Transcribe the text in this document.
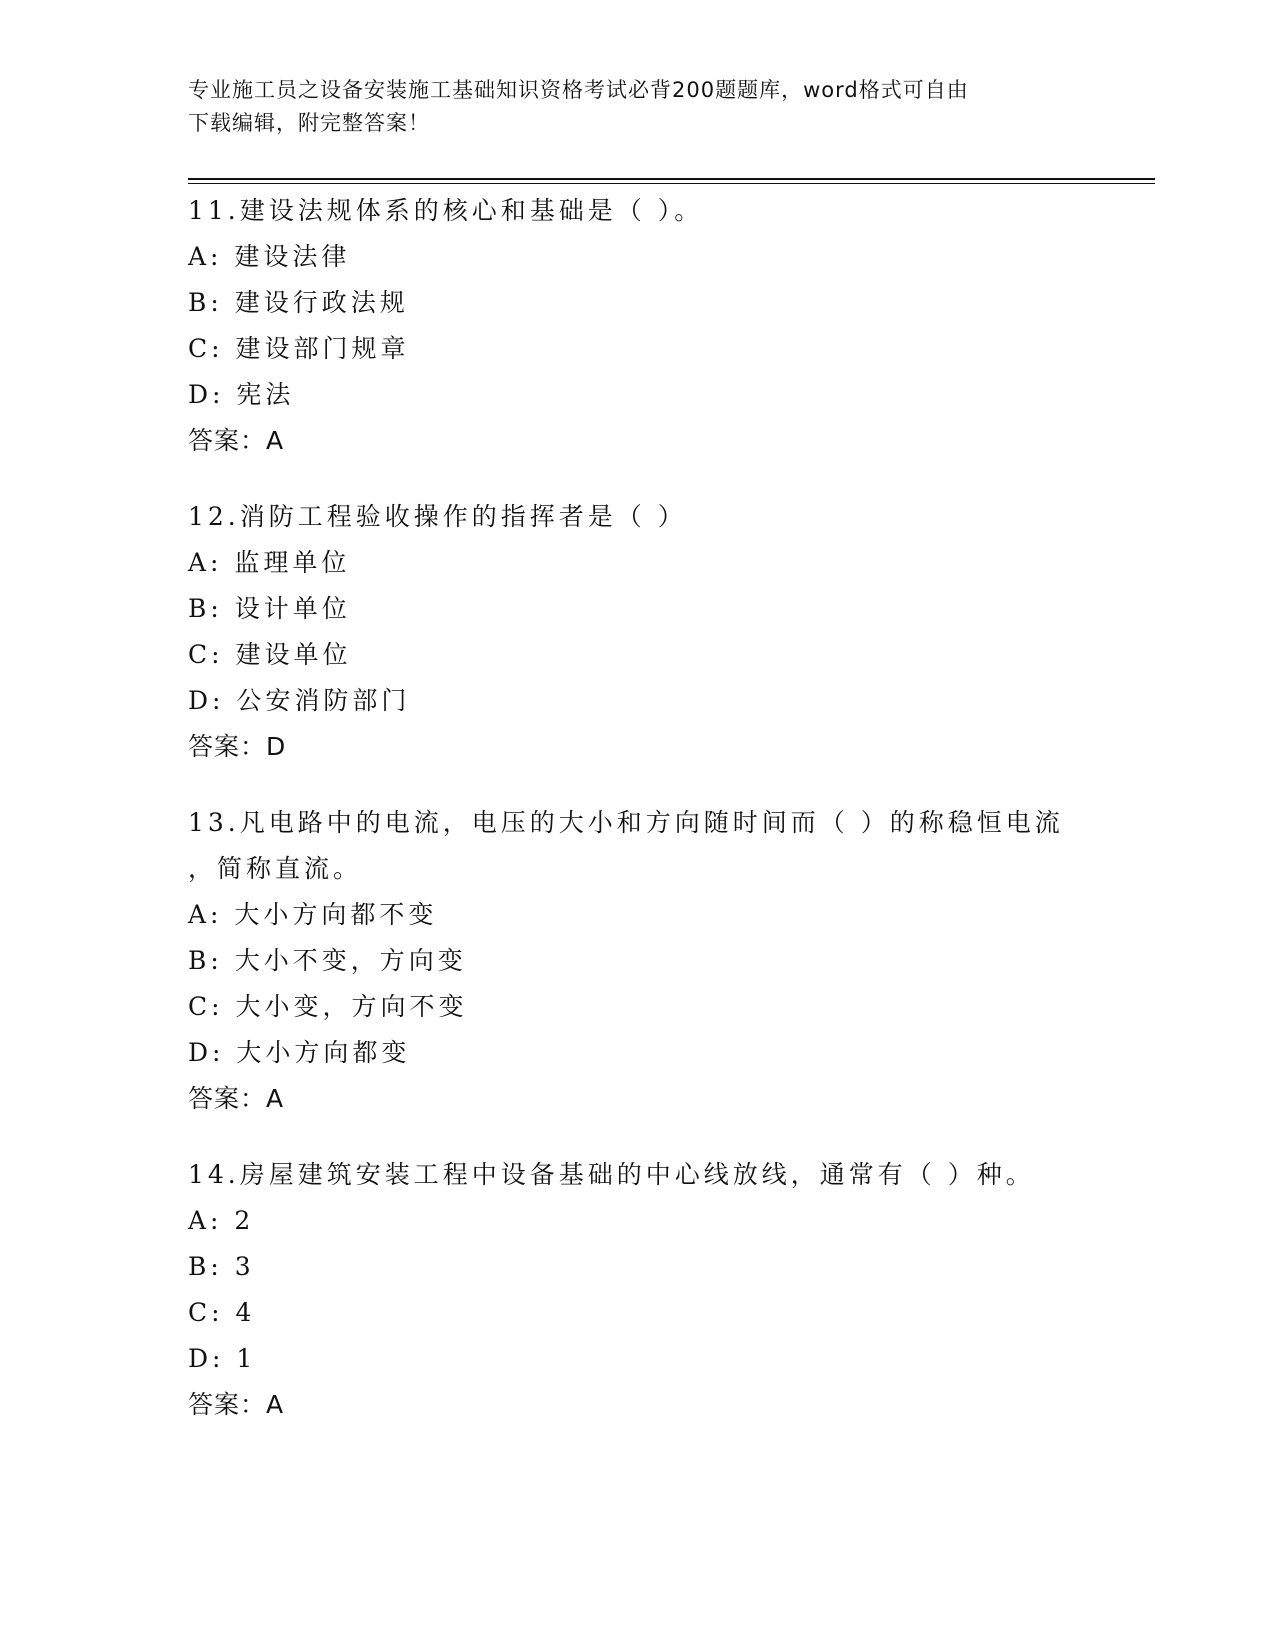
专业施工员之设备安装施工基础知识资格考试必背200题题库，word格式可自由
下载编辑，附完整答案！
11.建设法规体系的核心和基础是（ ）。
A: 建设法律
B: 建设行政法规
C: 建设部门规章
D: 宪法
答案：A
12.消防工程验收操作的指挥者是（ ）
A: 监理单位
B: 设计单位
C: 建设单位
D: 公安消防部门
答案：D
13.凡电路中的电流，电压的大小和方向随时间而（ ）的称稳恒电流
，简称直流。
A: 大小方向都不变
B: 大小不变，方向变
C: 大小变，方向不变
D: 大小方向都变
答案：A
14.房屋建筑安装工程中设备基础的中心线放线，通常有（ ）种。
A: 2
B: 3
C: 4
D: 1
答案：A
